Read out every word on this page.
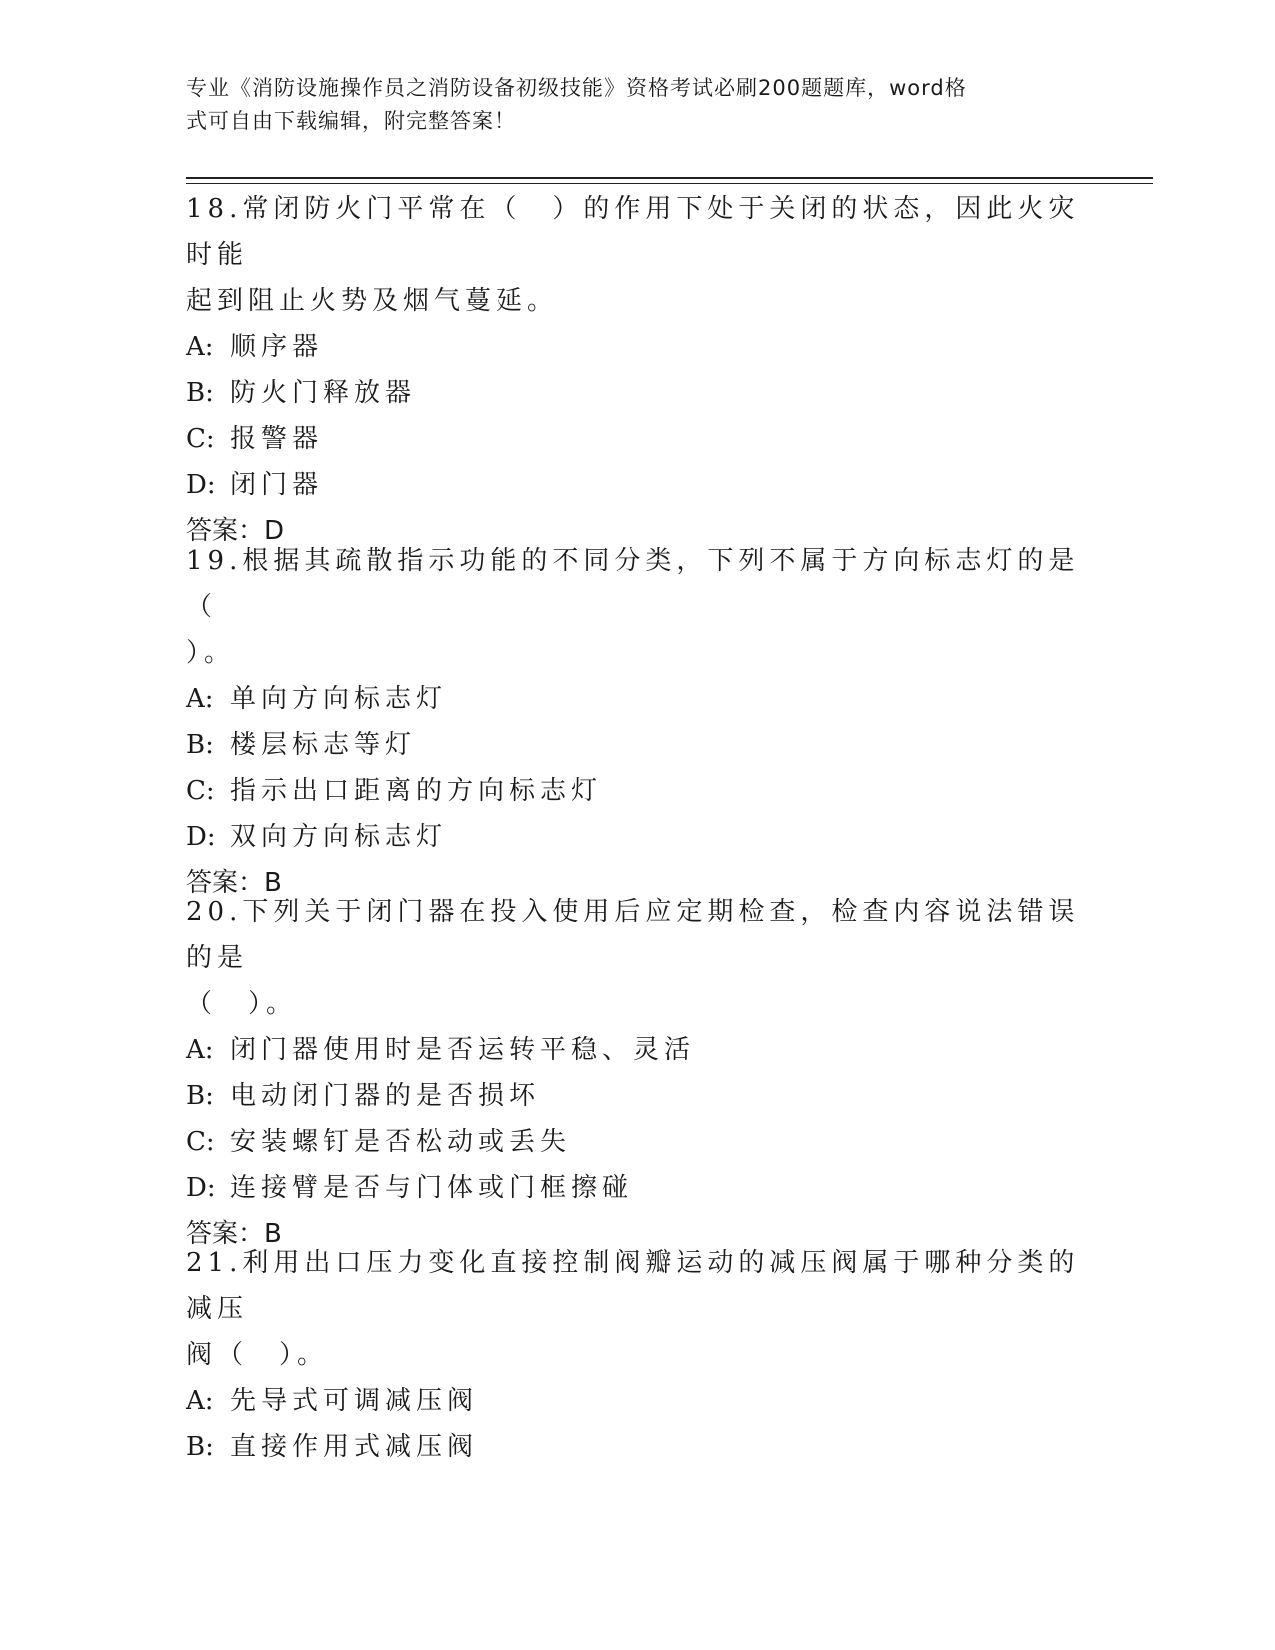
专业《消防设施操作员之消防设备初级技能》资格考试必刷200题题库，word格
式可自由下载编辑，附完整答案！

18.常闭防火门平常在（　）的作用下处于关闭的状态，因此火灾时能

起到阻止火势及烟气蔓延。

A: 顺序器

B: 防火门释放器

C: 报警器

D: 闭门器

答案：D

19.根据其疏散指示功能的不同分类，下列不属于方向标志灯的是（

）。

A: 单向方向标志灯

B: 楼层标志等灯

C: 指示出口距离的方向标志灯

D: 双向方向标志灯

答案：B

20.下列关于闭门器在投入使用后应定期检查，检查内容说法错误的是

（　）。

A: 闭门器使用时是否运转平稳、灵活

B: 电动闭门器的是否损坏

C: 安装螺钉是否松动或丢失

D: 连接臂是否与门体或门框擦碰

答案：B

21.利用出口压力变化直接控制阀瓣运动的减压阀属于哪种分类的减压

阀（　）。

A: 先导式可调减压阀

B: 直接作用式减压阀
